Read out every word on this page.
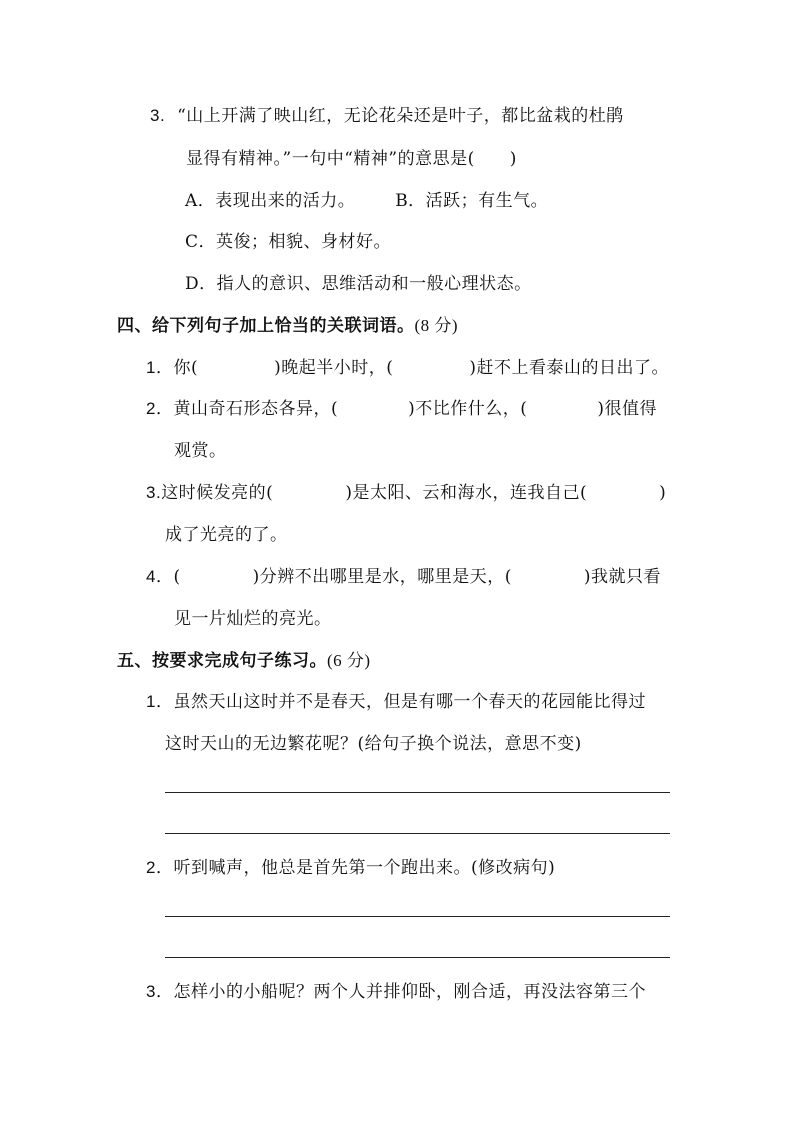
3. “山上开满了映山红，无论花朵还是叶子，都比盆栽的杜鹃
显得有精神。”一句中“精神”的意思是(　　)
A．表现出来的活力。 B．活跃；有生气。
C．英俊；相貌、身材好。
D．指人的意识、思维活动和一般心理状态。
四、给下列句子加上恰当的关联词语。(8 分)
1．你(	)晚起半小时，(	)赶不上看泰山的日出了。
2．黄山奇石形态各异，(	)不比作什么，(	)很值得
观赏。
3.这时候发亮的(	)是太阳、云和海水，连我自己(	)
成了光亮的了。
4．(	)分辨不出哪里是水，哪里是天，(	)我就只看
见一片灿烂的亮光。
五、按要求完成句子练习。(6 分)
1．虽然天山这时并不是春天，但是有哪一个春天的花园能比得过
这时天山的无边繁花呢？(给句子换个说法，意思不变)
2．听到喊声，他总是首先第一个跑出来。(修改病句)
3．怎样小的小船呢？两个人并排仰卧，刚合适，再没法容第三个
